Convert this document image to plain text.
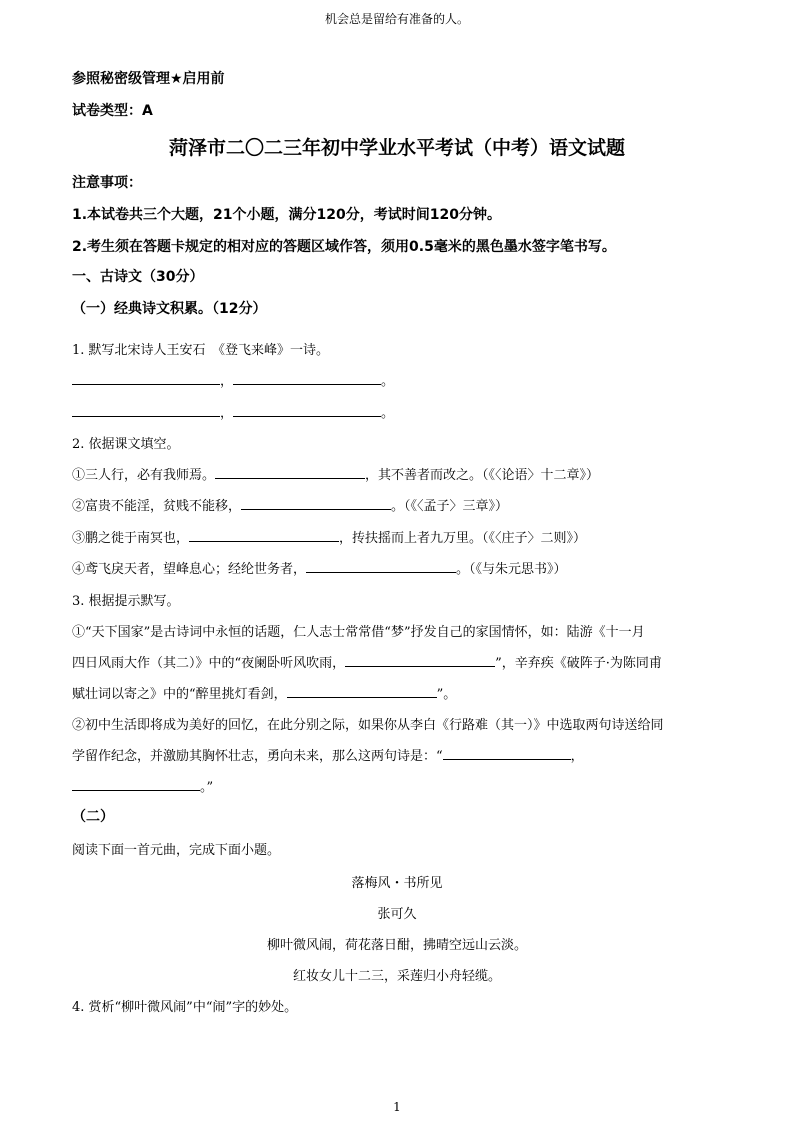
机会总是留给有准备的人。
参照秘密级管理★启用前
试卷类型：A
菏泽市二〇二三年初中学业水平考试（中考）语文试题
注意事项：
1.本试卷共三个大题，21个小题，满分120分，考试时间120分钟。
2.考生须在答题卡规定的相对应的答题区域作答，须用0.5毫米的黑色墨水签字笔书写。
一、古诗文（30分）
（一）经典诗文积累。（12分）
1. 默写北宋诗人王安石　《登飞来峰》一诗。
，	。
，	。
2. 依据课文填空。
①三人行，必有我师焉。	，其不善者而改之。（《〈论语〉十二章》）
②富贵不能淫，贫贱不能移，	。（《〈孟子〉三章》）
③鹏之徙于南冥也，	，抟扶摇而上者九万里。（《〈庄子〉二则》）
④鸢飞戾天者，望峰息心；经纶世务者，	。（《与朱元思书》）
3. 根据提示默写。
①“天下国家”是古诗词中永恒的话题，仁人志士常常借“梦”抒发自己的家国情怀，如：陆游《十一月
四日风雨大作（其二）》中的“夜阑卧听风吹雨，	”，辛弃疾《破阵子·为陈同甫
赋壮词以寄之》中的“醉里挑灯看剑，	”。
②初中生活即将成为美好的回忆，在此分别之际，如果你从李白《行路难（其一）》中选取两句诗送给同
学留作纪念，并激励其胸怀壮志，勇向未来，那么这两句诗是：“	，
。”
（二）
阅读下面一首元曲，完成下面小题。
落梅风・书所见
张可久
柳叶微风闹，荷花落日酣，拂晴空远山云淡。
红妆女儿十二三，采莲归小舟轻缆。
4. 赏析“柳叶微风闹”中“闹”字的妙处。
1
